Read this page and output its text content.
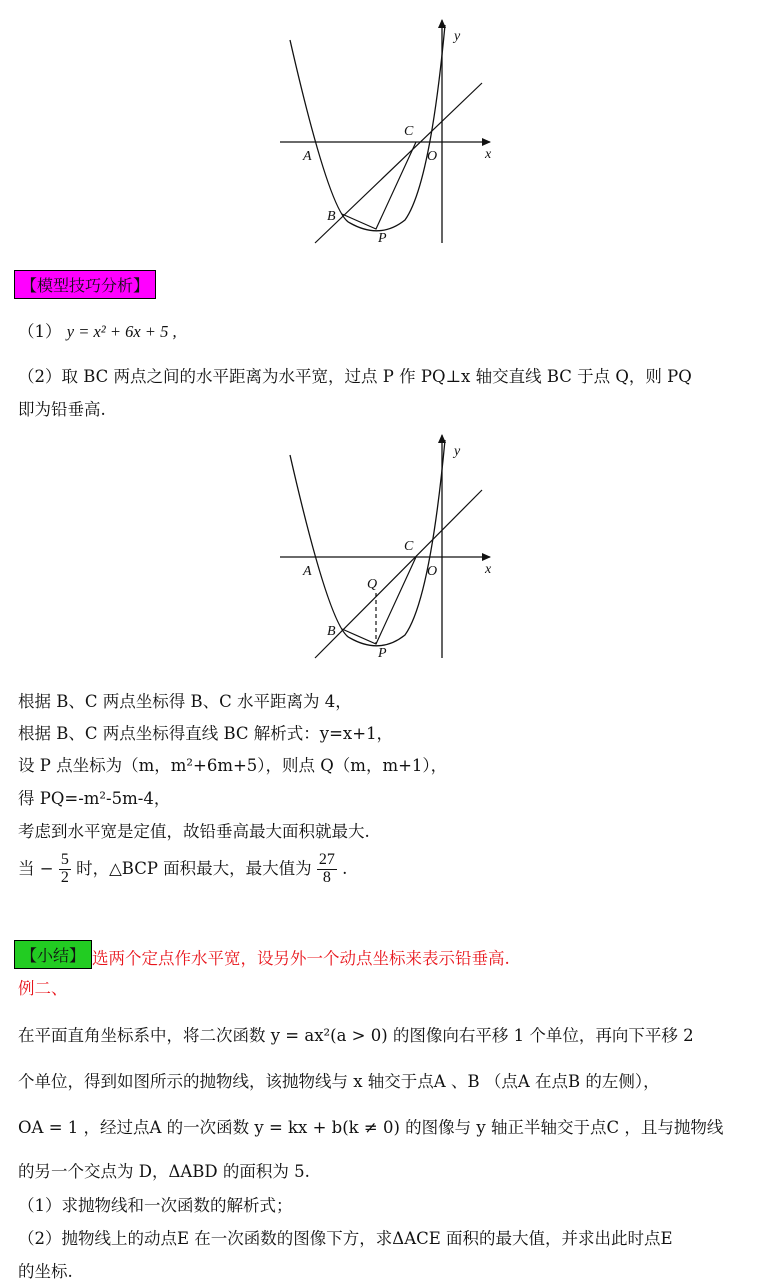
y
x
A	O
C
B
P
【模型技巧分析】
（1） y = x² + 6x + 5 ,
（2）取 BC 两点之间的水平距离为水平宽，过点 P 作 PQ⊥x 轴交直线 BC 于点 Q，则 PQ
即为铅垂高.
y
x
A	O
C
Q
B
P
根据 B、C 两点坐标得 B、C 水平距离为 4，
根据 B、C 两点坐标得直线 BC 解析式：y=x+1，
设 P 点坐标为（m，m²+6m+5），则点 Q（m，m+1），
得 PQ=-m²-5m-4，
考虑到水平宽是定值，故铅垂高最大面积就最大.
当 − $\frac{5}{2}$ 时，△BCP 面积最大，最大值为 $\frac{27}{8}$ .
【小结】 选两个定点作水平宽，设另外一个动点坐标来表示铅垂高.
例二、
在平面直角坐标系中，将二次函数 y = ax²(a > 0) 的图像向右平移 1 个单位，再向下平移 2
个单位，得到如图所示的抛物线，该抛物线与 x 轴交于点A 、B （点A 在点B 的左侧），
OA = 1 ，经过点A 的一次函数 y = kx + b(k ≠ 0) 的图像与 y 轴正半轴交于点C ，且与抛物线
的另一个交点为 D，ΔABD 的面积为 5.
（1）求抛物线和一次函数的解析式；
（2）抛物线上的动点E 在一次函数的图像下方，求ΔACE 面积的最大值，并求出此时点E
的坐标.
